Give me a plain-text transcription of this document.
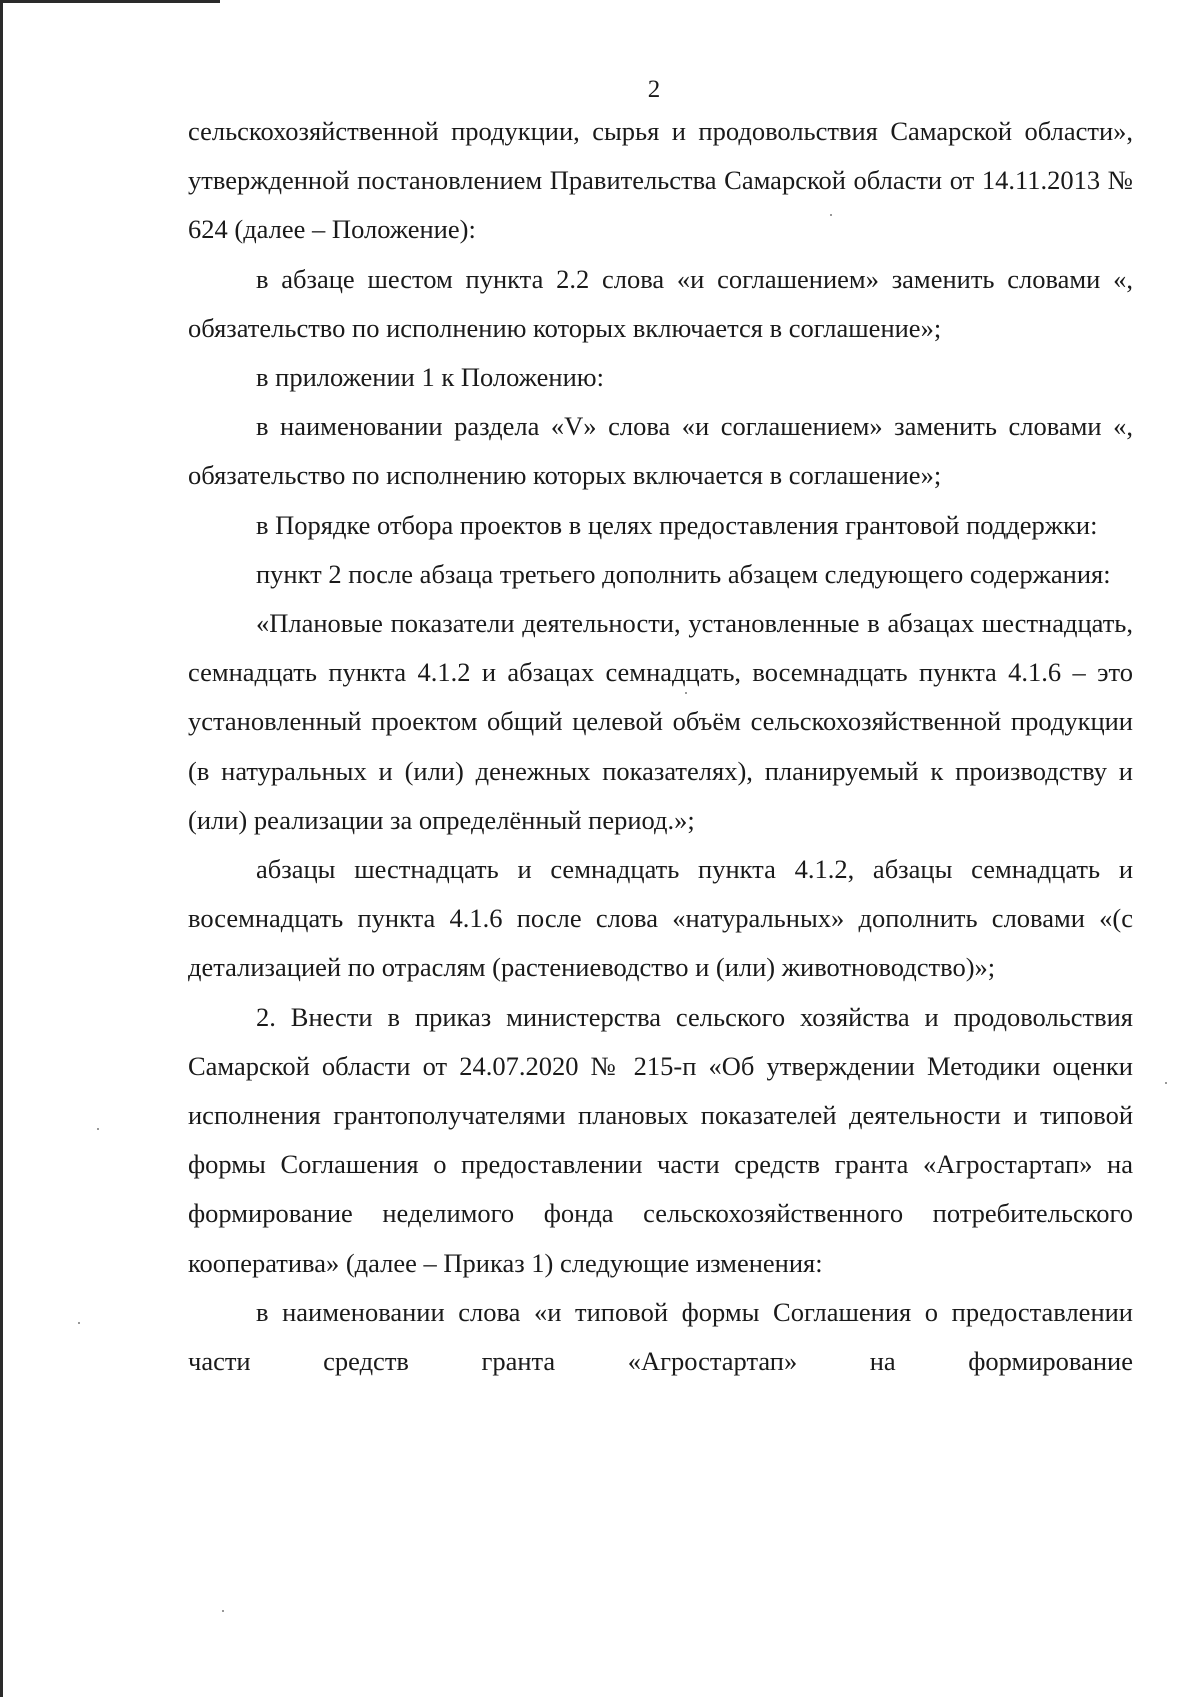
2

сельскохозяйственной продукции, сырья и продовольствия Самарской области», утвержденной постановлением Правительства Самарской области от 14.11.2013 № 624 (далее – Положение):

в абзаце шестом пункта 2.2 слова «и соглашением» заменить словами «, обязательство по исполнению которых включается в соглашение»;

в приложении 1 к Положению:

в наименовании раздела «V» слова «и соглашением» заменить словами «, обязательство по исполнению которых включается в соглашение»;

в Порядке отбора проектов в целях предоставления грантовой поддержки:

пункт 2 после абзаца третьего дополнить абзацем следующего содержания:

«Плановые показатели деятельности, установленные в абзацах шестнадцать, семнадцать пункта 4.1.2 и абзацах семнадцать, восемнадцать пункта 4.1.6 – это установленный проектом общий целевой объём сельскохозяйственной продукции (в натуральных и (или) денежных показателях), планируемый к производству и (или) реализации за определённый период.»;

абзацы шестнадцать и семнадцать пункта 4.1.2, абзацы семнадцать и восемнадцать пункта 4.1.6 после слова «натуральных» дополнить словами «(с детализацией по отраслям (растениеводство и (или) животноводство)»;

2. Внести в приказ министерства сельского хозяйства и продовольствия Самарской области от 24.07.2020 № 215-п «Об утверждении Методики оценки исполнения грантополучателями плановых показателей деятельности и типовой формы Соглашения о предоставлении части средств гранта «Агростартап» на формирование неделимого фонда сельскохозяйственного потребительского кооператива» (далее – Приказ 1) следующие изменения:

в наименовании слова «и типовой формы Соглашения о предоставлении части средств гранта «Агростартап» на формирование
